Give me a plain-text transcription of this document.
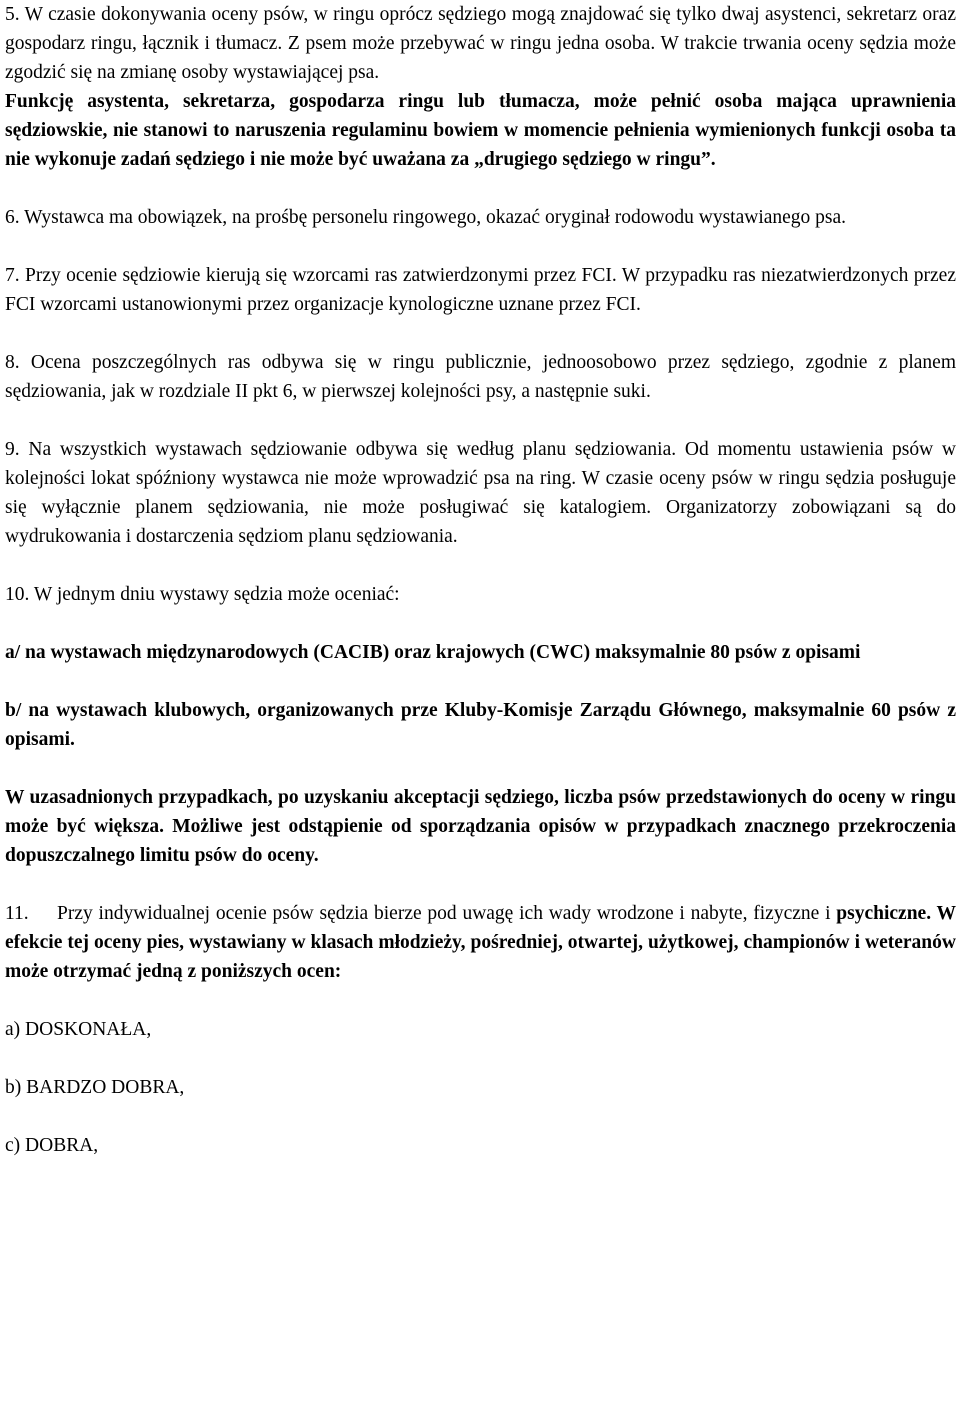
5. W czasie dokonywania oceny psów, w ringu oprócz sędziego mogą znajdować się tylko dwaj asystenci, sekretarz oraz gospodarz ringu, łącznik i tłumacz. Z psem może przebywać w ringu jedna osoba. W trakcie trwania oceny sędzia może zgodzić się na zmianę osoby wystawiającej psa.

Funkcję asystenta, sekretarza, gospodarza ringu lub tłumacza, może pełnić osoba mająca uprawnienia sędziowskie, nie stanowi to naruszenia regulaminu bowiem w momencie pełnienia wymienionych funkcji osoba ta nie wykonuje zadań sędziego i nie może być uważana za „drugiego sędziego w ringu”.

6. Wystawca ma obowiązek, na prośbę personelu ringowego, okazać oryginał rodowodu wystawianego psa.

7. Przy ocenie sędziowie kierują się wzorcami ras zatwierdzonymi przez FCI. W przypadku ras niezatwierdzonych przez FCI wzorcami ustanowionymi przez organizacje kynologiczne uznane przez FCI.

8. Ocena poszczególnych ras odbywa się w ringu publicznie, jednoosobowo przez sędziego, zgodnie z planem sędziowania, jak w rozdziale II pkt 6, w pierwszej kolejności psy, a następnie suki.

9. Na wszystkich wystawach sędziowanie odbywa się według planu sędziowania. Od momentu ustawienia psów w kolejności lokat spóźniony wystawca nie może wprowadzić psa na ring. W czasie oceny psów w ringu sędzia posługuje się wyłącznie planem sędziowania, nie może posługiwać się katalogiem. Organizatorzy zobowiązani są do wydrukowania i dostarczenia sędziom planu sędziowania.

10. W jednym dniu wystawy sędzia może oceniać:

a/ na wystawach międzynarodowych (CACIB) oraz krajowych (CWC) maksymalnie 80 psów z opisami

b/ na wystawach klubowych, organizowanych prze Kluby-Komisje Zarządu Głównego, maksymalnie 60 psów z opisami.

W uzasadnionych przypadkach, po uzyskaniu akceptacji sędziego, liczba psów przedstawionych do oceny w ringu może być większa. Możliwe jest odstąpienie od sporządzania opisów w przypadkach znacznego przekroczenia dopuszczalnego limitu psów do oceny.

11. Przy indywidualnej ocenie psów sędzia bierze pod uwagę ich wady wrodzone i nabyte, fizyczne i psychiczne. W efekcie tej oceny pies, wystawiany w klasach młodzieży, pośredniej, otwartej, użytkowej, championów i weteranów może otrzymać jedną z poniższych ocen:

a) DOSKONAŁA,

b) BARDZO DOBRA,

c) DOBRA,
